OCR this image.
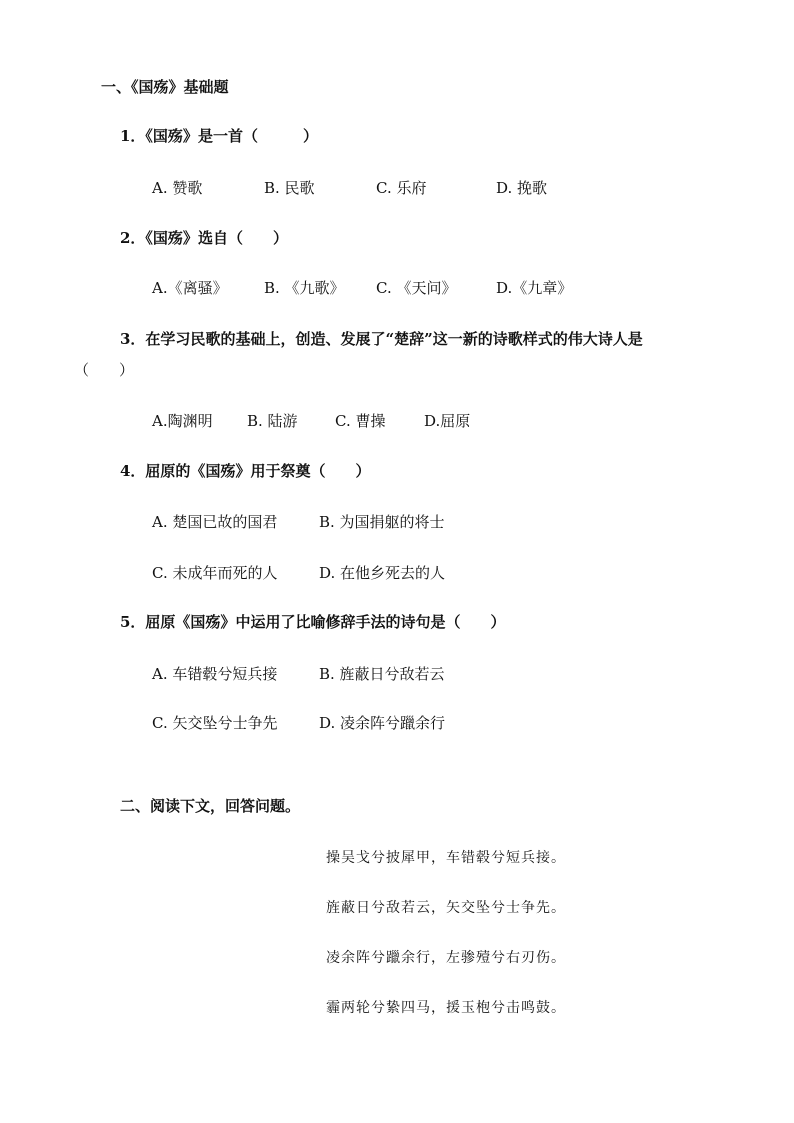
一、《国殇》基础题
1．《国殇》是一首（　　　）
A. 赞歌	B. 民歌	C. 乐府	D. 挽歌
2．《国殇》选自（　　）
A.《离骚》 B. 《九歌》 C. 《天问》	D.《九章》
3．在学习民歌的基础上，创造、发展了“楚辞”这一新的诗歌样式的伟大诗人是
（　　）
A.陶渊明 B. 陆游 C. 曹操	D.屈原
4．屈原的《国殇》用于祭奠（　　）
A. 楚国已故的国君	B. 为国捐躯的将士
C. 未成年而死的人	D. 在他乡死去的人
5．屈原《国殇》中运用了比喻修辞手法的诗句是（　　）
A. 车错毂兮短兵接	B. 旌蔽日兮敌若云
C. 矢交坠兮士争先	D. 凌余阵兮躐余行
二、阅读下文，回答问题。
操吴戈兮披犀甲，车错毂兮短兵接。
旌蔽日兮敌若云，矢交坠兮士争先。
凌余阵兮躐余行，左骖殪兮右刃伤。
霾两轮兮絷四马，援玉枹兮击鸣鼓。
